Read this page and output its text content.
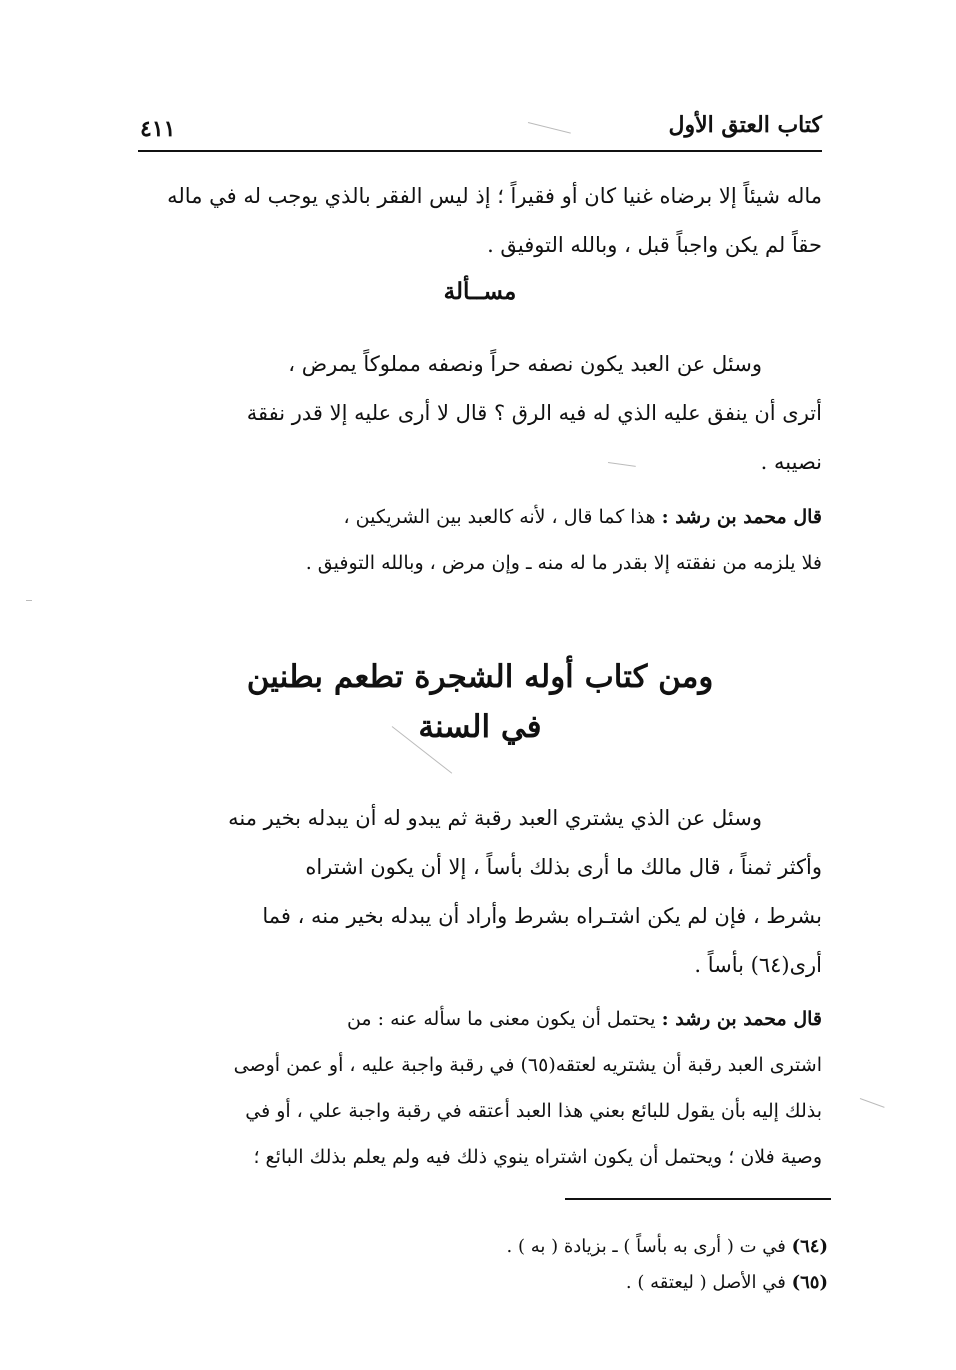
كتاب العتق الأول
٤١١
ماله شيئاً إلا برضاه غنيا كان أو فقيراً ؛ إذ ليس الفقر بالذي يوجب له في ماله
حقاً لم يكن واجباً قبل ، وبالله التوفيق .
مســألة
وسئل عن العبد يكون نصفه حراً ونصفه مملوكاً يمرض ،
أترى أن ينفق عليه الذي له فيه الرق ؟ قال لا أرى عليه إلا قدر نفقة
نصيبه .
قال محمد بن رشد : هذا كما قال ، لأنه كالعبد بين الشريكين ،
فلا يلزمه من نفقته إلا بقدر ما له منه ـ وإن مرض ، وبالله التوفيق .
ومن كتاب أوله الشجرة تطعم بطنين
في السنة
وسئل عن الذي يشتري العبد رقبة ثم يبدو له أن يبدله بخير منه
وأكثر ثمناً ، قال مالك ما أرى بذلك بأساً ، إلا أن يكون اشتراه
بشرط ، فإن لم يكن اشتـراه بشرط وأراد أن يبدله بخير منه ، فما
أرى(٦٤) بأساً .
قال محمد بن رشد : يحتمل أن يكون معنى ما سأله عنه : من
اشترى العبد رقبة أن يشتريه لعتقه(٦٥) في رقبة واجبة عليه ، أو عمن أوصى
بذلك إليه بأن يقول للبائع بعني هذا العبد أعتقه في رقبة واجبة علي ، أو في
وصية فلان ؛ ويحتمل أن يكون اشتراه ينوي ذلك فيه ولم يعلم بذلك البائع ؛
(٦٤) في ت ( أرى به بأساً ) ـ بزيادة ( به ) .
(٦٥) في الأصل ( ليعتقه ) .
